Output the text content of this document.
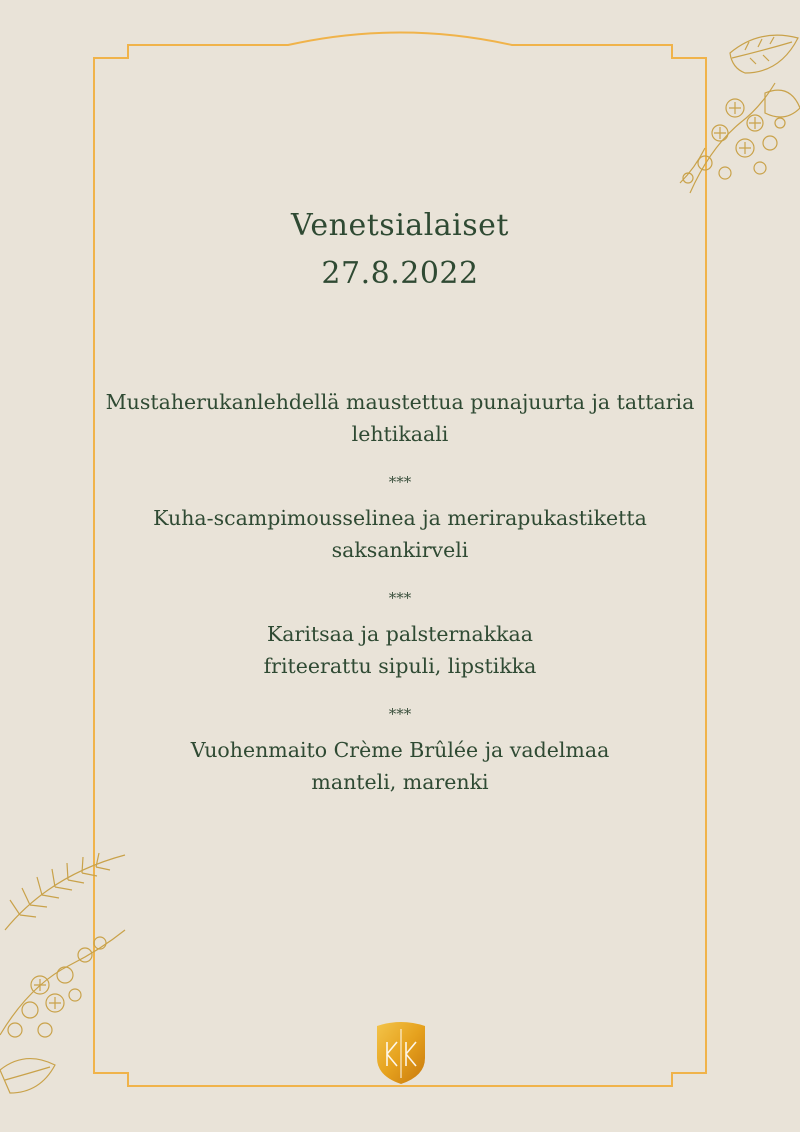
Venetsialaiset
27.8.2022
Mustaherukanlehdellä maustettua punajuurta ja tattaria
lehtikaali
***
Kuha-scampimousselinea ja merirapukastiketta
saksankirveli
***
Karitsaa ja palsternakkaa
friteerattu sipuli, lipstikka
***
Vuohenmaito Crème Brûlée ja vadelmaa
manteli, marenki
